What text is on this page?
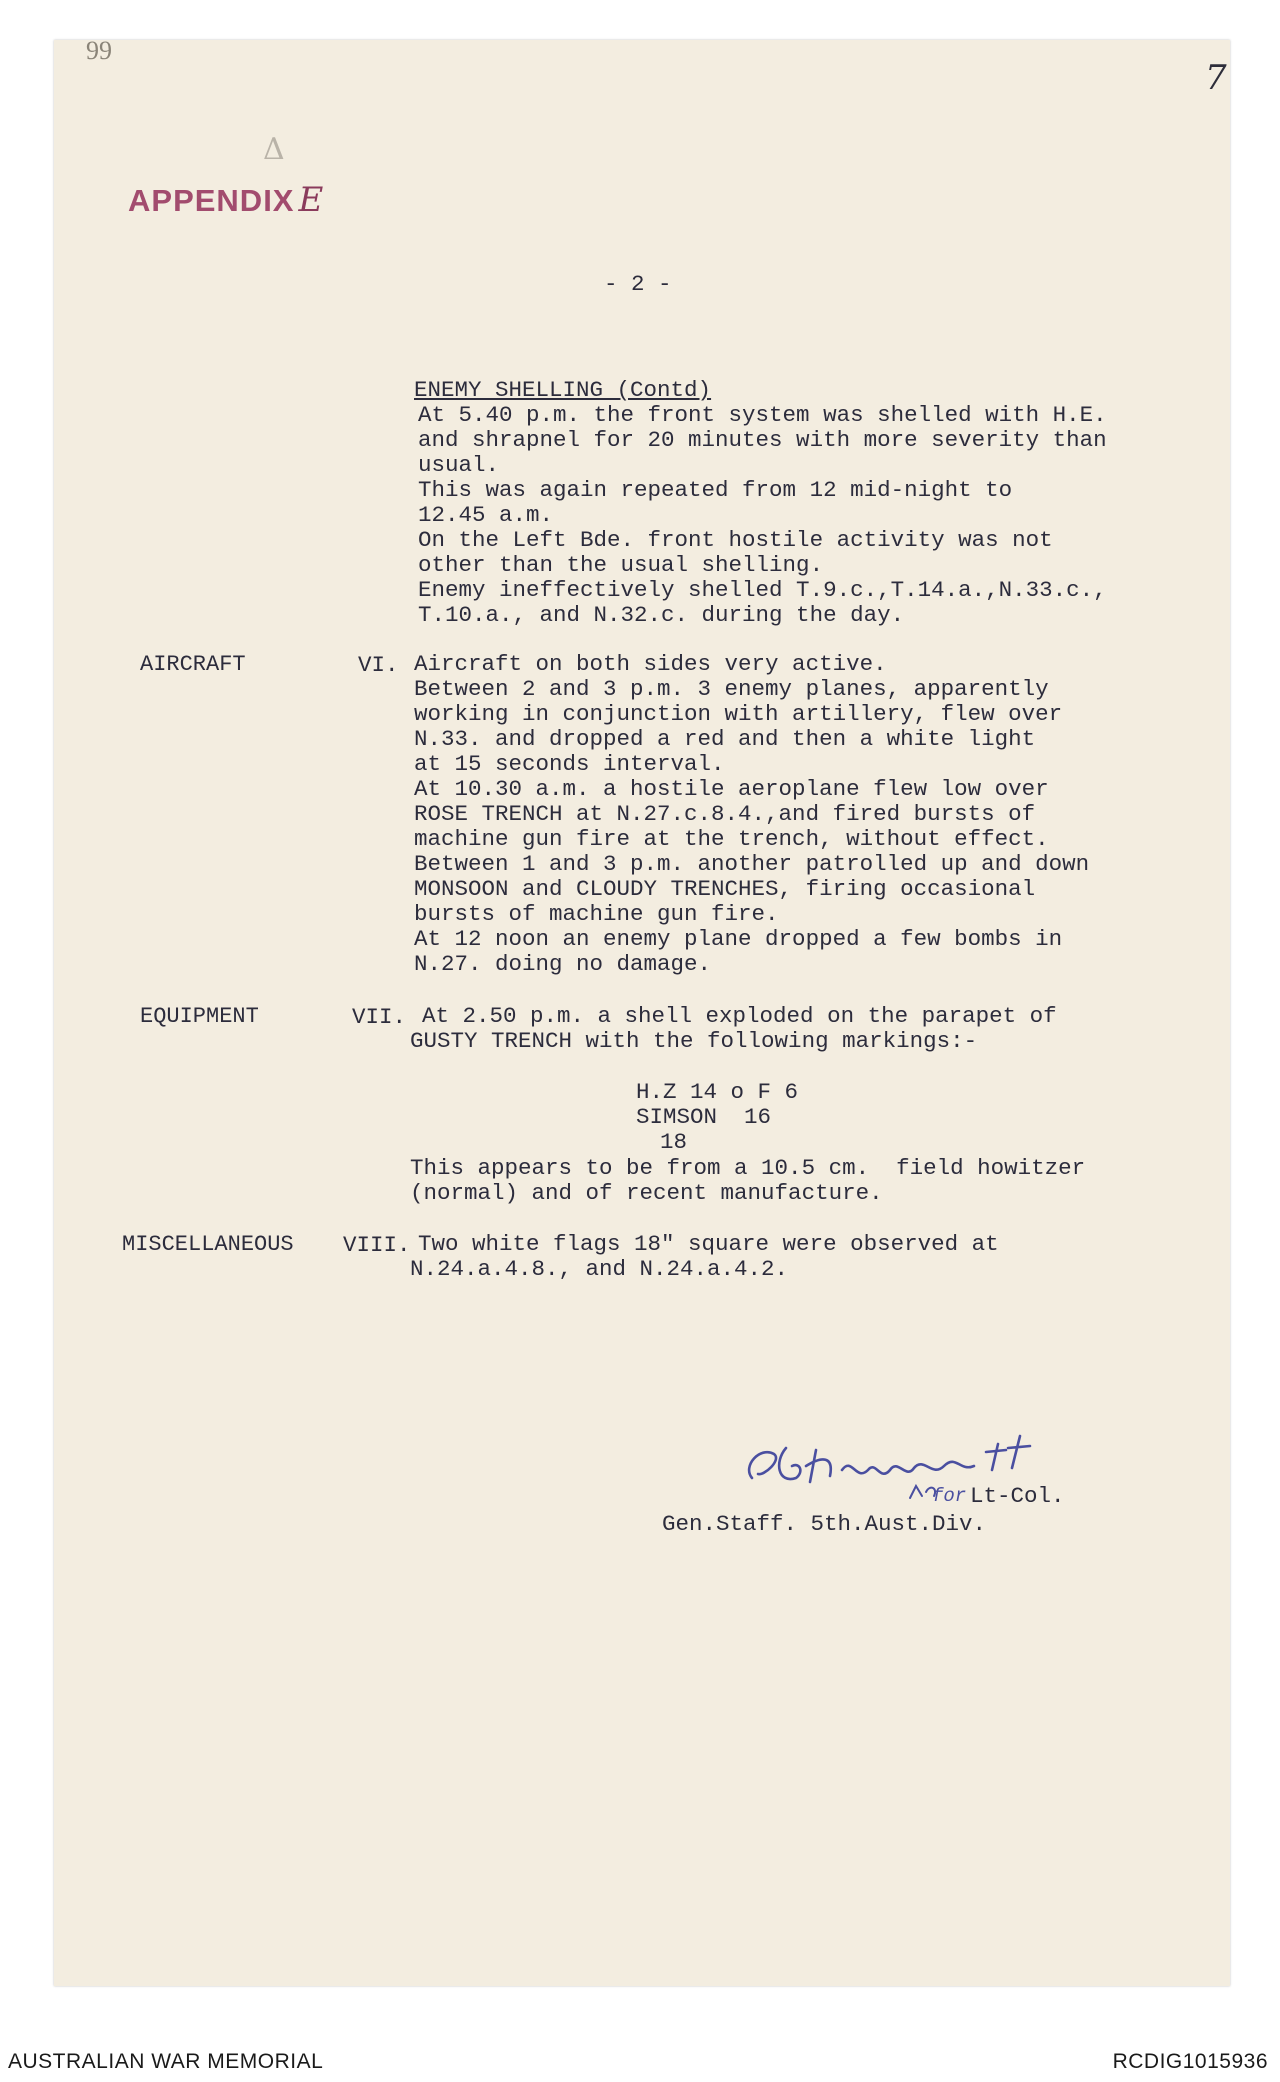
99
7
Δ
APPENDIX E
- 2 -
ENEMY SHELLING (Contd)
At 5.40 p.m. the front system was shelled with H.E.
and shrapnel for 20 minutes with more severity than
usual.
This was again repeated from 12 mid-night to
12.45 a.m.
On the Left Bde. front hostile activity was not
other than the usual shelling.
Enemy ineffectively shelled T.9.c.,T.14.a.,N.33.c.,
T.10.a., and N.32.c. during the day.
AIRCRAFT	VI. Aircraft on both sides very active.
Between 2 and 3 p.m. 3 enemy planes, apparently
working in conjunction with artillery, flew over
N.33. and dropped a red and then a white light
at 15 seconds interval.
At 10.30 a.m. a hostile aeroplane flew low over
ROSE TRENCH at N.27.c.8.4.,and fired bursts of
machine gun fire at the trench, without effect.
Between 1 and 3 p.m. another patrolled up and down
MONSOON and CLOUDY TRENCHES, firing occasional
bursts of machine gun fire.
At 12 noon an enemy plane dropped a few bombs in
N.27. doing no damage.
EQUIPMENT	VII. At 2.50 p.m. a shell exploded on the parapet of
GUSTY TRENCH with the following markings:-
H.Z 14 o F 6
SIMSON  16
18
This appears to be from a 10.5 cm.  field howitzer
(normal) and of recent manufacture.
MISCELLANEOUS VIII. Two white flags 18" square were observed at
N.24.a.4.8., and N.24.a.4.2.
for Lt-Col.
Gen.Staff. 5th.Aust.Div.
AUSTRALIAN WAR MEMORIAL	RCDIG1015936
